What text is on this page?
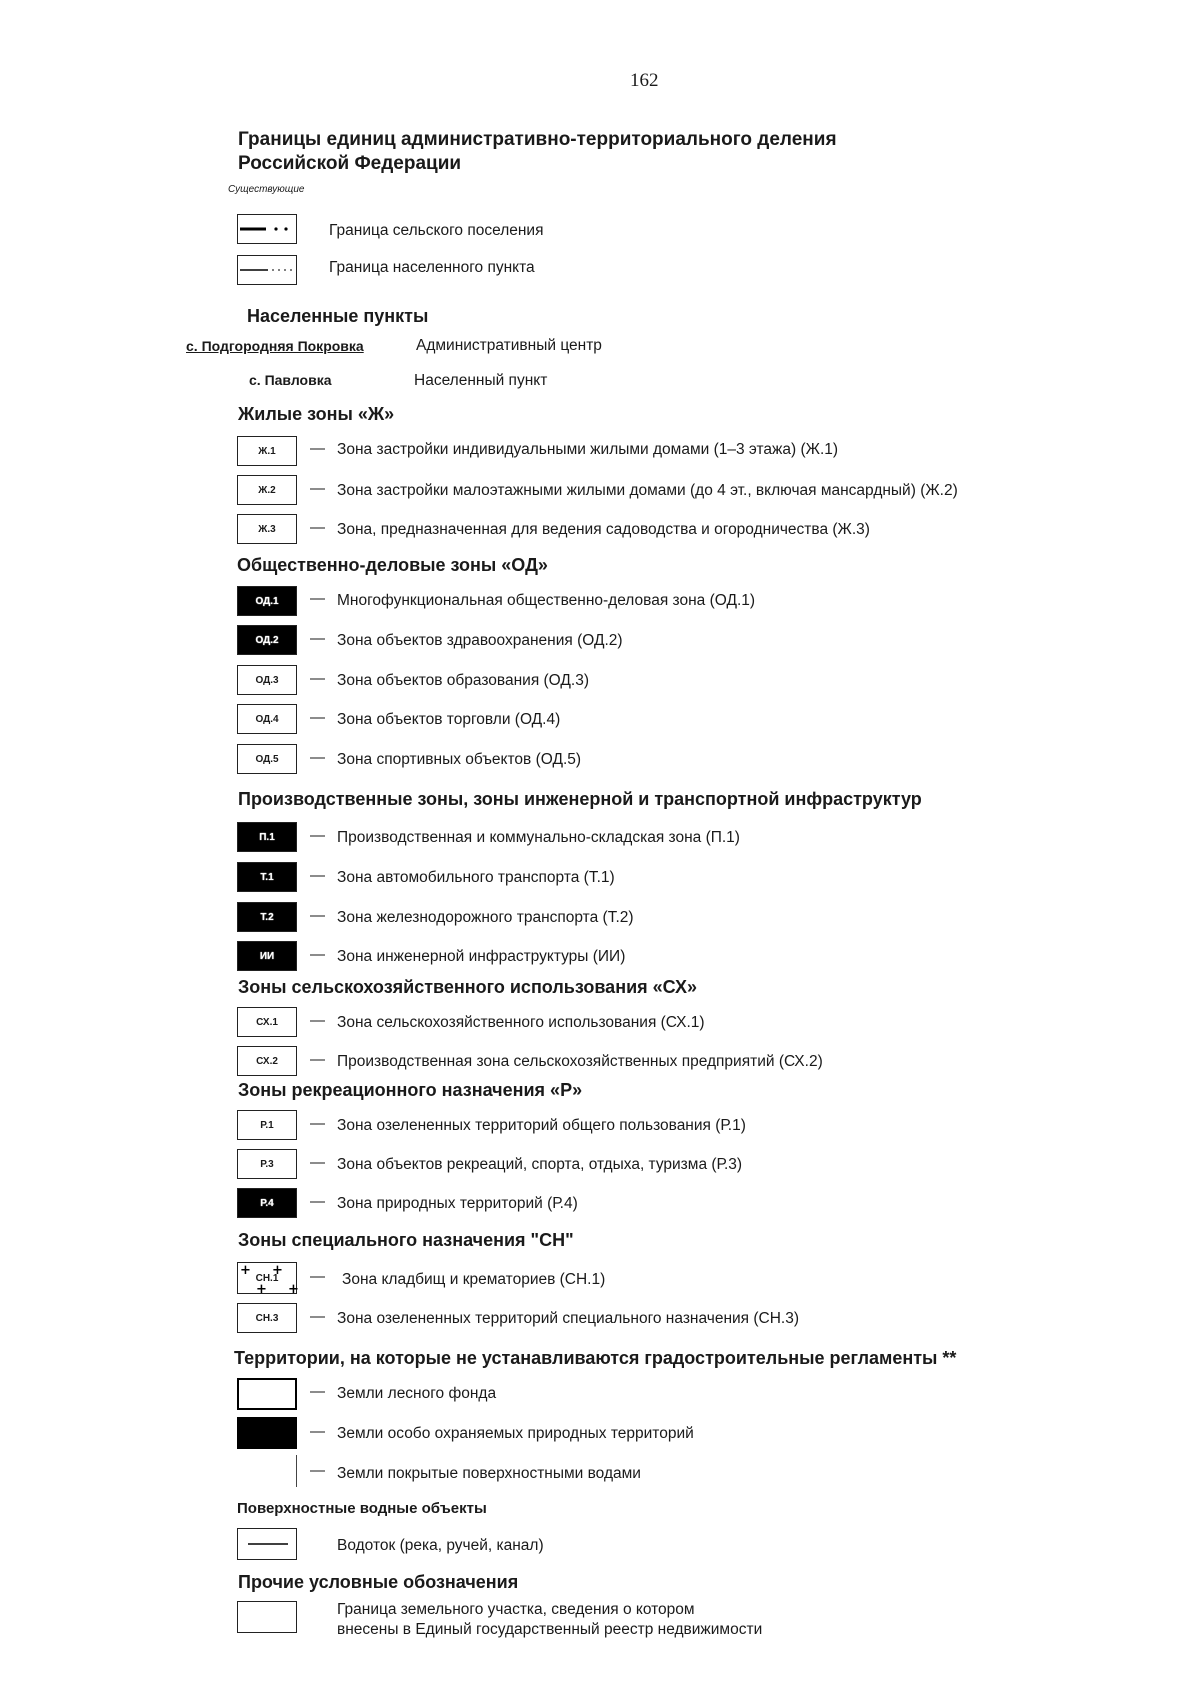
162
Границы единиц административно-территориального деления
Российской Федерации
Существующие
Граница сельского поселения
Граница населенного пункта
Населенные пункты
с. Подгородняя Покровка	Административный центр
с. Павловка	Населенный пункт
Жилые зоны «Ж»
Ж.1 — Зона застройки индивидуальными жилыми домами (1–3 этажа) (Ж.1)
Ж.2 — Зона застройки малоэтажными жилыми домами (до 4 эт., включая мансардный) (Ж.2)
Ж.3 — Зона, предназначенная для ведения садоводства и огородничества (Ж.3)
Общественно-деловые зоны «ОД»
ОД.1 — Многофункциональная общественно-деловая зона (ОД.1)
ОД.2 — Зона объектов здравоохранения (ОД.2)
ОД.3 — Зона объектов образования (ОД.3)
ОД.4 — Зона объектов торговли (ОД.4)
ОД.5 — Зона спортивных объектов (ОД.5)
Производственные зоны, зоны инженерной и транспортной инфраструктур
П.1 — Производственная и коммунально-складская зона (П.1)
Т.1 — Зона автомобильного транспорта (Т.1)
Т.2 — Зона железнодорожного транспорта (Т.2)
ИИ — Зона инженерной инфраструктуры (ИИ)
Зоны сельскохозяйственного использования «СХ»
СХ.1 — Зона сельскохозяйственного использования (СХ.1)
СХ.2 — Производственная зона сельскохозяйственных предприятий (СХ.2)
Зоны рекреационного назначения «Р»
Р.1 — Зона озелененных территорий общего пользования (Р.1)
Р.3 — Зона объектов рекреаций, спорта, отдыха, туризма (Р.3)
Р.4 — Зона природных территорий (Р.4)
Зоны специального назначения "СН"
+ +
+ +
СН.1 — Зона кладбищ и крематориев (СН.1)
СН.3 — Зона озелененных территорий специального назначения (СН.3)
Территории, на которые не устанавливаются градостроительные регламенты **
— Земли лесного фонда
— Земли особо охраняемых природных территорий
— Земли покрытые поверхностными водами
Поверхностные водные объекты
Водоток (река, ручей, канал)
Прочие условные обозначения
Граница земельного участка, сведения о котором
внесены в Единый государственный реестр недвижимости
